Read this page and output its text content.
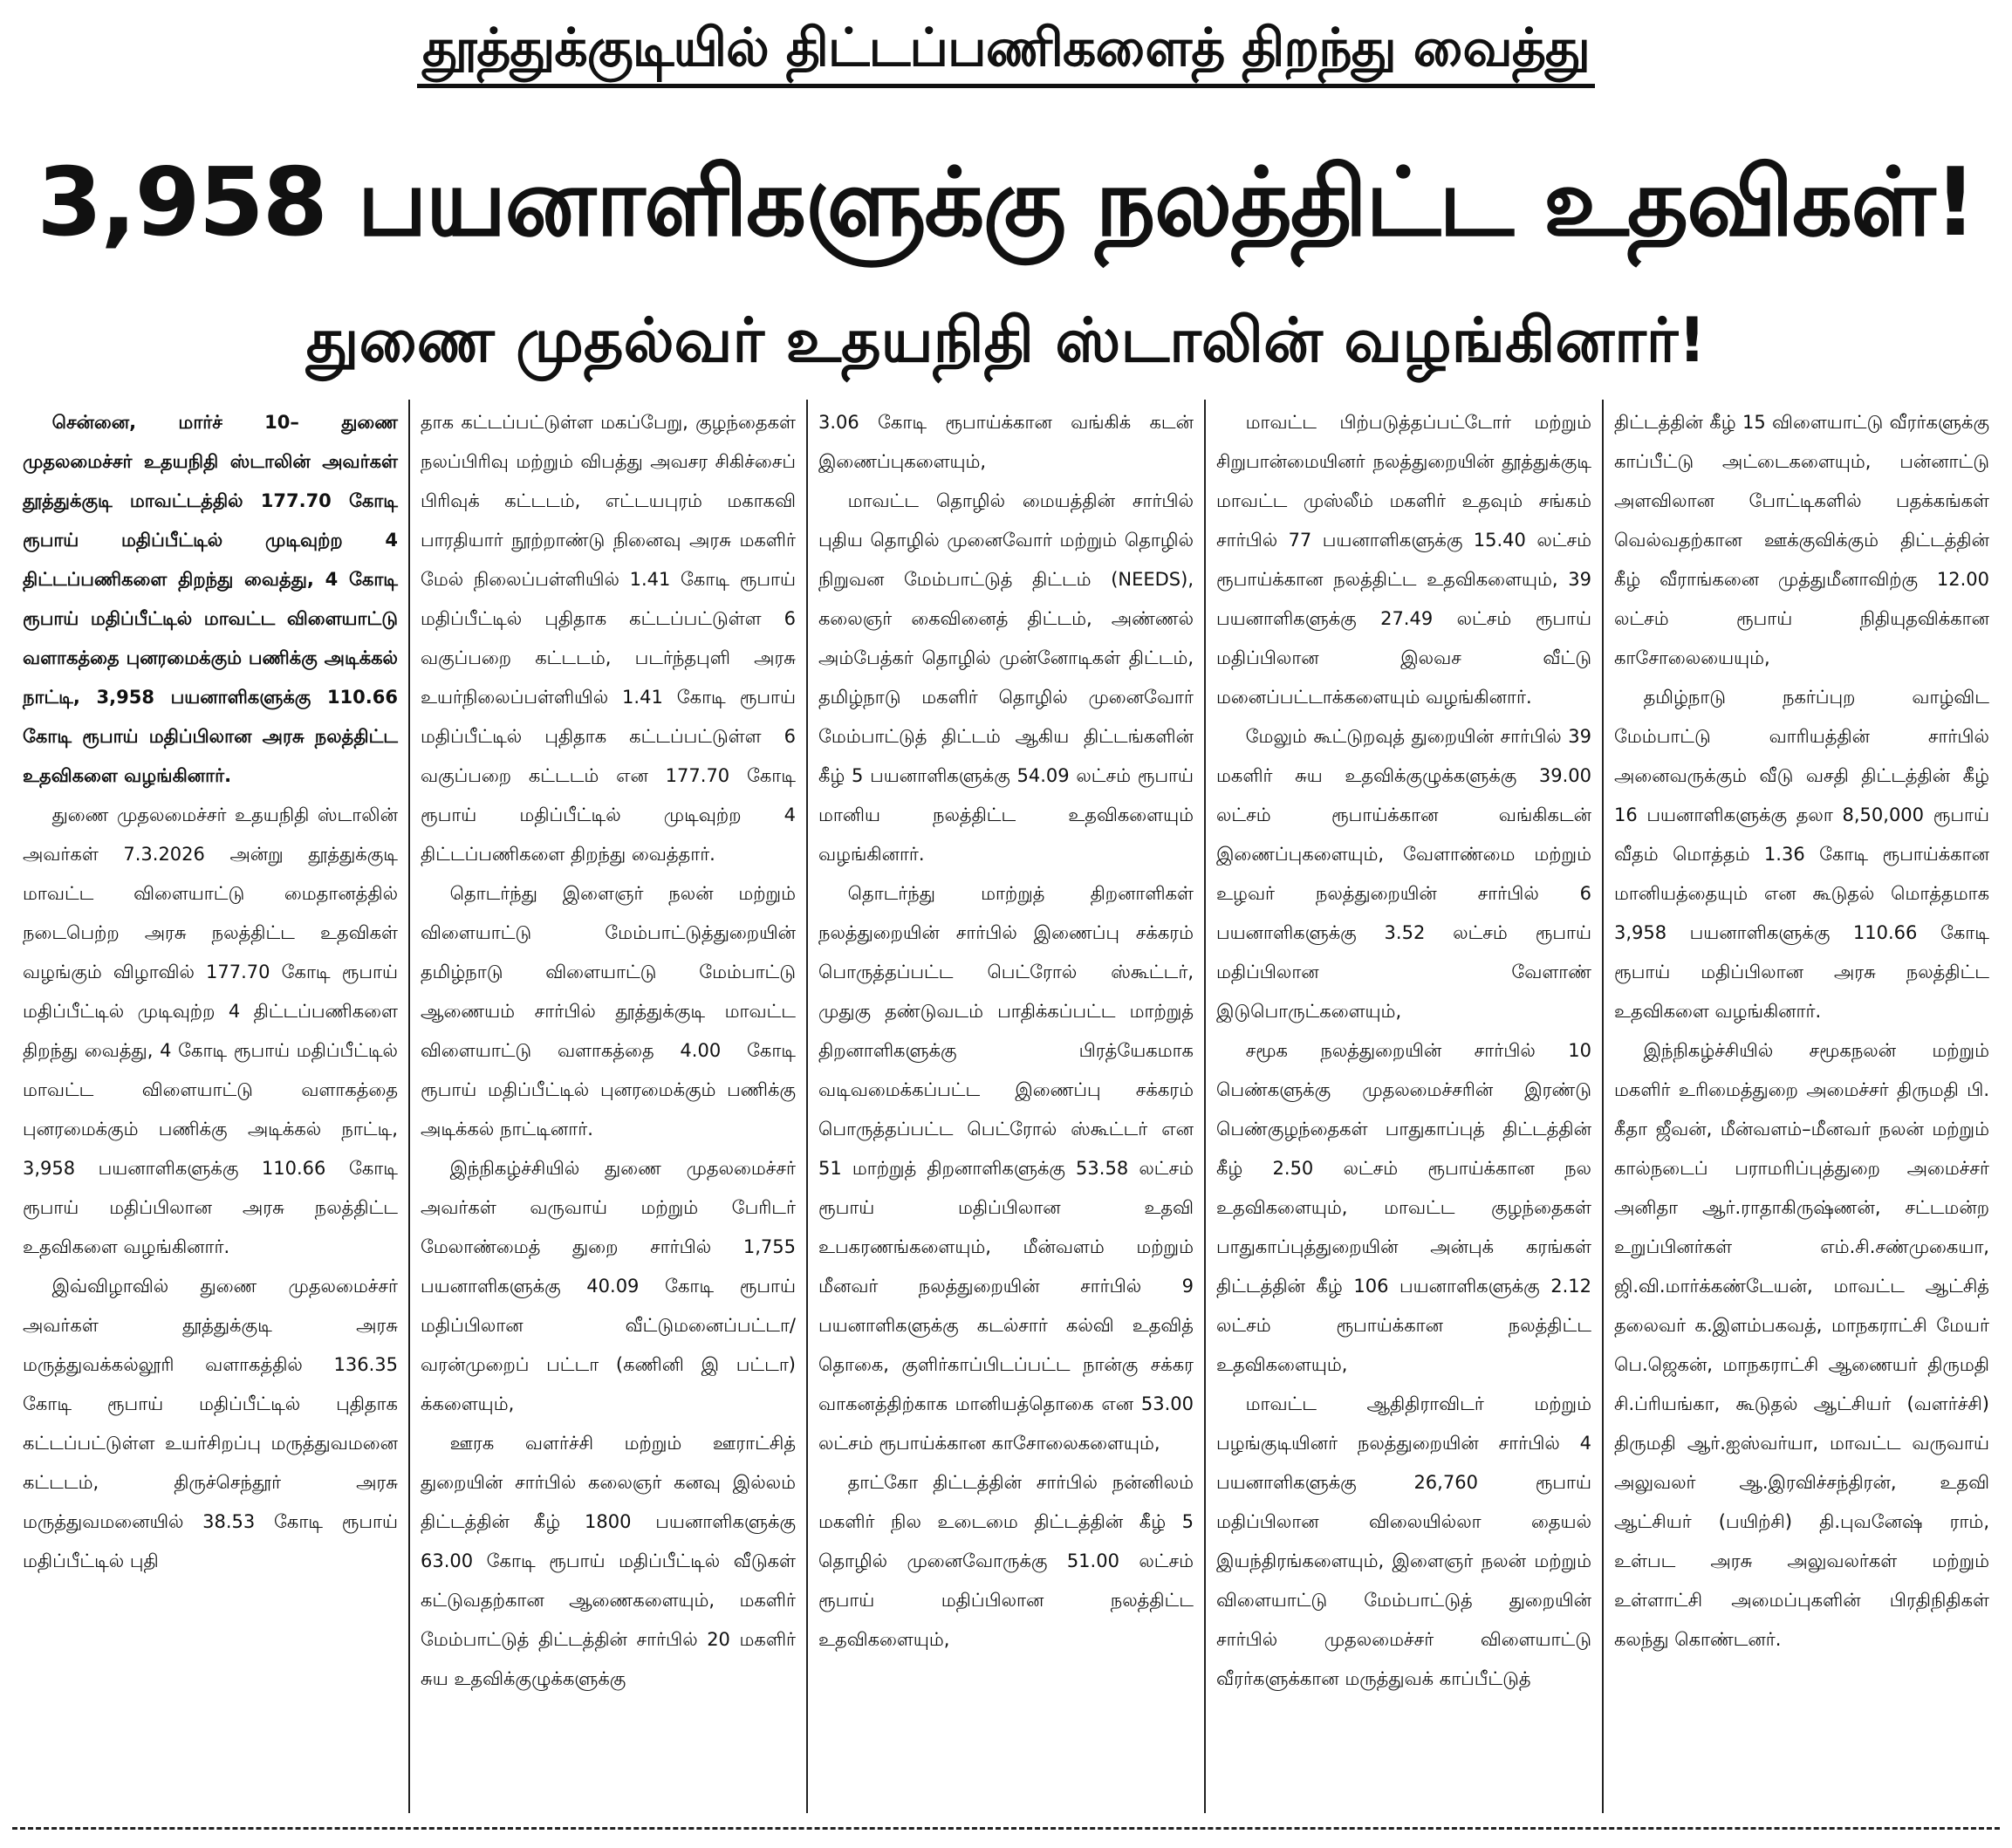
தூத்துக்குடியில் திட்டப்பணிகளைத் திறந்து வைத்து
3,958 பயனாளிகளுக்கு நலத்திட்ட உதவிகள்!
துணை முதல்வர் உதயநிதி ஸ்டாலின் வழங்கினார்!

சென்னை, மார்ச் 10– துணை முதலமைச்சர் உதயநிதி ஸ்டாலின் அவர்கள் தூத்துக்குடி மாவட்டத்தில் 177.70 கோடி ரூபாய் மதிப்பீட்டில் முடிவுற்ற 4 திட்டப்பணிகளை திறந்து வைத்து, 4 கோடி ரூபாய் மதிப்பீட்டில் மாவட்ட விளையாட்டு வளாகத்தை புனரமைக்கும் பணிக்கு அடிக்கல் நாட்டி, 3,958 பயனாளிகளுக்கு 110.66 கோடி ரூபாய் மதிப்பிலான அரசு நலத்திட்ட உதவிகளை வழங்கினார்.

துணை முதலமைச்சர் உதயநிதி ஸ்டாலின் அவர்கள் 7.3.2026 அன்று தூத்துக்குடி மாவட்ட விளையாட்டு மைதானத்தில் நடைபெற்ற அரசு நலத்திட்ட உதவிகள் வழங்கும் விழாவில் 177.70 கோடி ரூபாய் மதிப்பீட்டில் முடிவுற்ற 4 திட்டப்பணிகளை திறந்து வைத்து, 4 கோடி ரூபாய் மதிப்பீட்டில் மாவட்ட விளையாட்டு வளாகத்தை புனரமைக்கும் பணிக்கு அடிக்கல் நாட்டி, 3,958 பயனாளிகளுக்கு 110.66 கோடி ரூபாய் மதிப்பிலான அரசு நலத்திட்ட உதவிகளை வழங்கினார்.

இவ்விழாவில் துணை முதலமைச்சர் அவர்கள் தூத்துக்குடி அரசு மருத்துவக்கல்லூரி வளாகத்தில் 136.35 கோடி ரூபாய் மதிப்பீட்டில் புதிதாக கட்டப்பட்டுள்ள உயர்சிறப்பு மருத்துவமனை கட்டடம், திருச்செந்தூர் அரசு மருத்துவமனையில் 38.53 கோடி ரூபாய் மதிப்பீட்டில் புதி

தாக கட்டப்பட்டுள்ள மகப்பேறு, குழந்தைகள் நலப்பிரிவு மற்றும் விபத்து அவசர சிகிச்சைப் பிரிவுக் கட்டடம், எட்டயபுரம் மகாகவி பாரதியார் நூற்றாண்டு நினைவு அரசு மகளிர் மேல் நிலைப்பள்ளியில் 1.41 கோடி ரூபாய் மதிப்பீட்டில் புதிதாக கட்டப்பட்டுள்ள 6 வகுப்பறை கட்டடம், படர்ந்தபுளி அரசு உயர்நிலைப்பள்ளியில் 1.41 கோடி ரூபாய் மதிப்பீட்டில் புதிதாக கட்டப்பட்டுள்ள 6 வகுப்பறை கட்டடம் என 177.70 கோடி ரூபாய் மதிப்பீட்டில் முடிவுற்ற 4 திட்டப்பணிகளை திறந்து வைத்தார்.

தொடர்ந்து இளைஞர் நலன் மற்றும் விளையாட்டு மேம்பாட்டுத்துறையின் தமிழ்நாடு விளையாட்டு மேம்பாட்டு ஆணையம் சார்பில் தூத்துக்குடி மாவட்ட விளையாட்டு வளாகத்தை 4.00 கோடி ரூபாய் மதிப்பீட்டில் புனரமைக்கும் பணிக்கு அடிக்கல் நாட்டினார்.

இந்நிகழ்ச்சியில் துணை முதலமைச்சர் அவர்கள் வருவாய் மற்றும் பேரிடர் மேலாண்மைத் துறை சார்பில் 1,755 பயனாளிகளுக்கு 40.09 கோடி ரூபாய் மதிப்பிலான வீட்டுமனைப்பட்டா/ வரன்முறைப் பட்டா (கணினி இ பட்டா) க்களையும்,

ஊரக வளர்ச்சி மற்றும் ஊராட்சித் துறையின் சார்பில் கலைஞர் கனவு இல்லம் திட்டத்தின் கீழ் 1800 பயனாளிகளுக்கு 63.00 கோடி ரூபாய் மதிப்பீட்டில் வீடுகள் கட்டுவதற்கான ஆணைகளையும், மகளிர் மேம்பாட்டுத் திட்டத்தின் சார்பில் 20 மகளிர் சுய உதவிக்குழுக்களுக்கு

3.06 கோடி ரூபாய்க்கான வங்கிக் கடன் இணைப்புகளையும்,

மாவட்ட தொழில் மையத்தின் சார்பில் புதிய தொழில் முனைவோர் மற்றும் தொழில் நிறுவன மேம்பாட்டுத் திட்டம் (NEEDS), கலைஞர் கைவினைத் திட்டம், அண்ணல் அம்பேத்கர் தொழில் முன்னோடிகள் திட்டம், தமிழ்நாடு மகளிர் தொழில் முனைவோர் மேம்பாட்டுத் திட்டம் ஆகிய திட்டங்களின் கீழ் 5 பயனாளிகளுக்கு 54.09 லட்சம் ரூபாய் மானிய நலத்திட்ட உதவிகளையும் வழங்கினார்.

தொடர்ந்து மாற்றுத் திறனாளிகள் நலத்துறையின் சார்பில் இணைப்பு சக்கரம் பொருத்தப்பட்ட பெட்ரோல் ஸ்கூட்டர், முதுகு தண்டுவடம் பாதிக்கப்பட்ட மாற்றுத் திறனாளிகளுக்கு பிரத்யேகமாக வடிவமைக்கப்பட்ட இணைப்பு சக்கரம் பொருத்தப்பட்ட பெட்ரோல் ஸ்கூட்டர் என 51 மாற்றுத் திறனாளிகளுக்கு 53.58 லட்சம் ரூபாய் மதிப்பிலான உதவி உபகரணங்களையும், மீன்வளம் மற்றும் மீனவர் நலத்துறையின் சார்பில் 9 பயனாளிகளுக்கு கடல்சார் கல்வி உதவித் தொகை, குளிர்காப்பிடப்பட்ட நான்கு சக்கர வாகனத்திற்காக மானியத்தொகை என 53.00 லட்சம் ரூபாய்க்கான காசோலைகளையும்,

தாட்கோ திட்டத்தின் சார்பில் நன்னிலம் மகளிர் நில உடைமை திட்டத்தின் கீழ் 5 தொழில் முனைவோருக்கு 51.00 லட்சம் ரூபாய் மதிப்பிலான நலத்திட்ட உதவிகளையும்,

மாவட்ட பிற்படுத்தப்பட்டோர் மற்றும் சிறுபான்மையினர் நலத்துறையின் தூத்துக்குடி மாவட்ட முஸ்லீம் மகளிர் உதவும் சங்கம் சார்பில் 77 பயனாளிகளுக்கு 15.40 லட்சம் ரூபாய்க்கான நலத்திட்ட உதவிகளையும், 39 பயனாளிகளுக்கு 27.49 லட்சம் ரூபாய் மதிப்பிலான இலவச வீட்டு மனைப்பட்டாக்களையும் வழங்கினார்.

மேலும் கூட்டுறவுத் துறையின் சார்பில் 39 மகளிர் சுய உதவிக்குழுக்களுக்கு 39.00 லட்சம் ரூபாய்க்கான வங்கிகடன் இணைப்புகளையும், வேளாண்மை மற்றும் உழவர் நலத்துறையின் சார்பில் 6 பயனாளிகளுக்கு 3.52 லட்சம் ரூபாய் மதிப்பிலான வேளாண் இடுபொருட்களையும்,

சமூக நலத்துறையின் சார்பில் 10 பெண்களுக்கு முதலமைச்சரின் இரண்டு பெண்குழந்தைகள் பாதுகாப்புத் திட்டத்தின் கீழ் 2.50 லட்சம் ரூபாய்க்கான நல உதவிகளையும், மாவட்ட குழந்தைகள் பாதுகாப்புத்துறையின் அன்புக் கரங்கள் திட்டத்தின் கீழ் 106 பயனாளிகளுக்கு 2.12 லட்சம் ரூபாய்க்கான நலத்திட்ட உதவிகளையும்,

மாவட்ட ஆதிதிராவிடர் மற்றும் பழங்குடியினர் நலத்துறையின் சார்பில் 4 பயனாளிகளுக்கு 26,760 ரூபாய் மதிப்பிலான விலையில்லா தையல் இயந்திரங்களையும், இளைஞர் நலன் மற்றும் விளையாட்டு மேம்பாட்டுத் துறையின் சார்பில் முதலமைச்சர் விளையாட்டு வீரர்களுக்கான மருத்துவக் காப்பீட்டுத்

திட்டத்தின் கீழ் 15 விளையாட்டு வீரர்களுக்கு காப்பீட்டு அட்டைகளையும், பன்னாட்டு அளவிலான போட்டிகளில் பதக்கங்கள் வெல்வதற்கான ஊக்குவிக்கும் திட்டத்தின் கீழ் வீராங்கனை முத்துமீனாவிற்கு 12.00 லட்சம் ரூபாய் நிதியுதவிக்கான காசோலையையும்,

தமிழ்நாடு நகர்ப்புற வாழ்விட மேம்பாட்டு வாரியத்தின் சார்பில் அனைவருக்கும் வீடு வசதி திட்டத்தின் கீழ் 16 பயனாளிகளுக்கு தலா 8,50,000 ரூபாய் வீதம் மொத்தம் 1.36 கோடி ரூபாய்க்கான மானியத்தையும் என கூடுதல் மொத்தமாக 3,958 பயனாளிகளுக்கு 110.66 கோடி ரூபாய் மதிப்பிலான அரசு நலத்திட்ட உதவிகளை வழங்கினார்.

இந்நிகழ்ச்சியில் சமூகநலன் மற்றும் மகளிர் உரிமைத்துறை அமைச்சர் திருமதி பி. கீதா ஜீவன், மீன்வளம்–மீனவர் நலன் மற்றும் கால்நடைப் பராமரிப்புத்துறை அமைச்சர் அனிதா ஆர்.ராதாகிருஷ்ணன், சட்டமன்ற உறுப்பினர்கள் எம்.சி.சண்முகையா, ஜி.வி.மார்க்கண்டேயன், மாவட்ட ஆட்சித் தலைவர் க.இளம்பகவத், மாநகராட்சி மேயர் பெ.ஜெகன், மாநகராட்சி ஆணையர் திருமதி சி.ப்ரியங்கா, கூடுதல் ஆட்சியர் (வளர்ச்சி) திருமதி ஆர்.ஐஸ்வர்யா, மாவட்ட வருவாய் அலுவலர் ஆ.இரவிச்சந்திரன், உதவி ஆட்சியர் (பயிற்சி) தி.புவனேஷ் ராம், உள்பட அரசு அலுவலர்கள் மற்றும் உள்ளாட்சி அமைப்புகளின் பிரதிநிதிகள் கலந்து கொண்டனர்.
